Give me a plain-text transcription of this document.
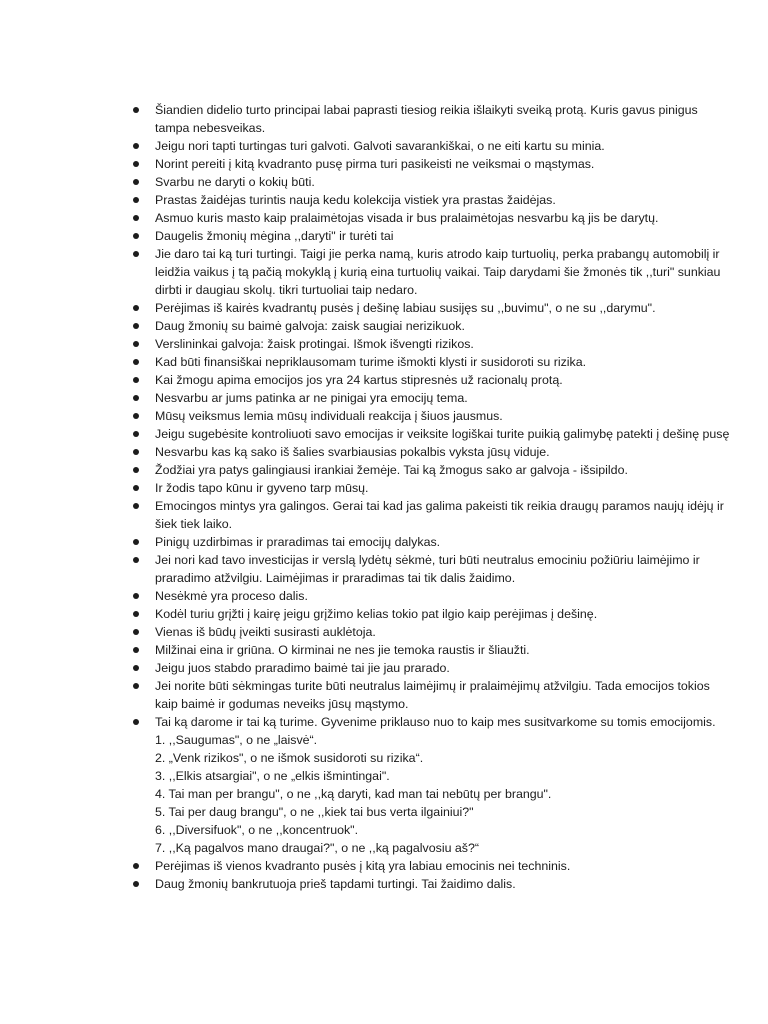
Šiandien didelio turto principai labai paprasti tiesiog reikia išlaikyti sveiką protą. Kuris gavus pinigus tampa nebesveikas.
Jeigu nori tapti turtingas turi galvoti. Galvoti savarankiškai, o ne eiti kartu su minia.
Norint pereiti į kitą kvadranto pusę pirma turi pasikeisti ne veiksmai o mąstymas.
Svarbu ne daryti o kokių būti.
Prastas žaidėjas turintis nauja kedu kolekcija vistiek yra prastas žaidėjas.
Asmuo kuris masto kaip pralaimėtojas visada ir bus pralaimėtojas nesvarbu ką jis be darytų.
Daugelis žmonių mėgina ,,daryti" ir turėti tai
Jie daro tai ką turi turtingi. Taigi jie perka namą, kuris atrodo kaip turtuolių, perka prabangų automobilį ir leidžia vaikus į tą pačią mokyklą į kurią eina turtuolių vaikai. Taip darydami šie žmonės tik ,,turi" sunkiau dirbti ir daugiau skolų. tikri turtuoliai taip nedaro.
Perėjimas iš kairės kvadrantų pusės į dešinę labiau susijęs su ,,buvimu", o ne su ,,darymu".
Daug žmonių su baimė galvoja: zaisk saugiai nerizikuok.
Verslininkai galvoja: žaisk protingai. Išmok išvengti rizikos.
Kad būti finansiškai nepriklausomam turime išmokti klysti ir susidoroti su rizika.
Kai žmogu apima emocijos jos yra 24 kartus stipresnės už racionalų protą.
Nesvarbu ar jums patinka ar ne pinigai yra emocijų tema.
Mūsų veiksmus lemia mūsų individuali reakcija į šiuos jausmus.
Jeigu sugebėsite kontroliuoti savo emocijas ir veiksite logiškai turite puikią galimybę patekti į dešinę pusę
Nesvarbu kas ką sako iš šalies svarbiausias pokalbis vyksta jūsų viduje.
Žodžiai yra patys galingiausi irankiai žemėje. Tai ką žmogus sako ar galvoja - išsipildo.
Ir žodis tapo kūnu ir gyveno tarp mūsų.
Emocingos mintys yra galingos. Gerai tai kad jas galima pakeisti tik reikia draugų paramos naujų idėjų ir šiek tiek laiko.
Pinigų uzdirbimas ir praradimas tai emocijų dalykas.
Jei nori kad tavo investicijas ir verslą lydėtų sėkmė, turi būti neutralus emociniu požiūriu laimėjimo ir praradimo atžvilgiu. Laimėjimas ir praradimas tai tik dalis žaidimo.
Nesėkmė yra proceso dalis.
Kodėl turiu grįžti į kairę jeigu grįžimo kelias tokio pat ilgio kaip perėjimas į dešinę.
Vienas iš būdų įveikti susirasti auklėtoja.
Milžinai eina ir griūna. O kirminai ne nes jie temoka raustis ir šliaužti.
Jeigu juos stabdo praradimo baimė tai jie jau prarado.
Jei norite būti sėkmingas turite būti neutralus laimėjimų ir pralaimėjimų atžvilgiu. Tada emocijos tokios kaip baimė ir godumas neveiks jūsų mąstymo.
Tai ką darome ir tai ką turime. Gyvenime priklauso nuo to kaip mes susitvarkome su tomis emocijomis.
1. ,,Saugumas", o ne „laisvė“.
2. „Venk rizikos", o ne išmok susidoroti su rizika“.
3. ,,Elkis atsargiai", o ne „elkis išmintingai".
4. Tai man per brangu", o ne ,,ką daryti, kad man tai nebūtų per brangu".
5. Tai per daug brangu", o ne ,,kiek tai bus verta ilgainiui?"
6. ,,Diversifuok", o ne ,,koncentruok".
7. ,,Ką pagalvos mano draugai?", o ne ,,ką pagalvosiu aš?“
Perėjimas iš vienos kvadranto pusės į kitą yra labiau emocinis nei techninis.
Daug žmonių bankrutuoja prieš tapdami turtingi. Tai žaidimo dalis.
